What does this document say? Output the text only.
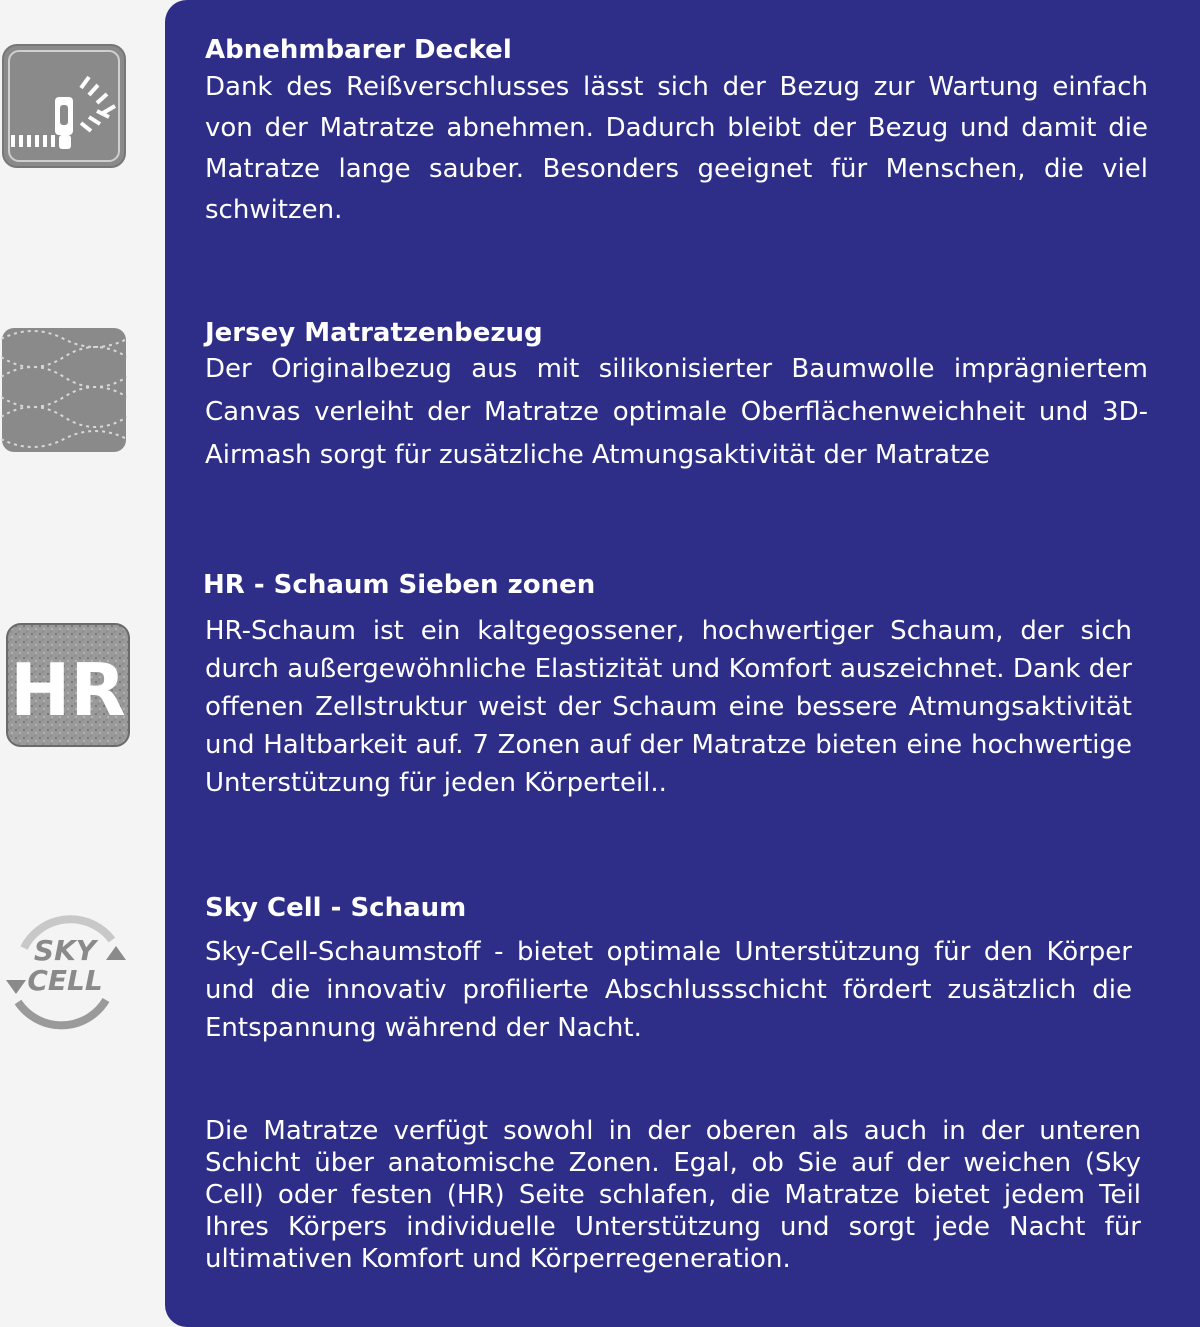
HR
SKY
CELL
Abnehmbarer Deckel

Dank des Reißverschlusses lässt sich der Bezug zur Wartung einfach von der Matratze abnehmen. Dadurch bleibt der Bezug und damit die Matratze lange sauber. Besonders geeignet für Menschen, die viel schwitzen.

Jersey Matratzenbezug

Der Originalbezug aus mit silikonisierter Baumwolle imprägniertem Canvas verleiht der Matratze optimale Oberflächenweichheit und 3D-Airmash sorgt für zusätzliche Atmungsaktivität der Matratze

HR - Schaum Sieben zonen

HR-Schaum ist ein kaltgegossener, hochwertiger Schaum, der sich durch außergewöhnliche Elastizität und Komfort auszeichnet. Dank der offenen Zellstruktur weist der Schaum eine bessere Atmungsaktivität und Haltbarkeit auf. 7 Zonen auf der Matratze bieten eine hochwertige Unterstützung für jeden Körperteil..

Sky Cell - Schaum

Sky-Cell-Schaumstoff - bietet optimale Unterstützung für den Körper und die innovativ profilierte Abschlussschicht fördert zusätzlich die Entspannung während der Nacht.

Die Matratze verfügt sowohl in der oberen als auch in der unteren Schicht über anatomische Zonen. Egal, ob Sie auf der weichen (Sky Cell) oder festen (HR) Seite schlafen, die Matratze bietet jedem Teil Ihres Körpers individuelle Unterstützung und sorgt jede Nacht für ultimativen Komfort und Körperregeneration.
